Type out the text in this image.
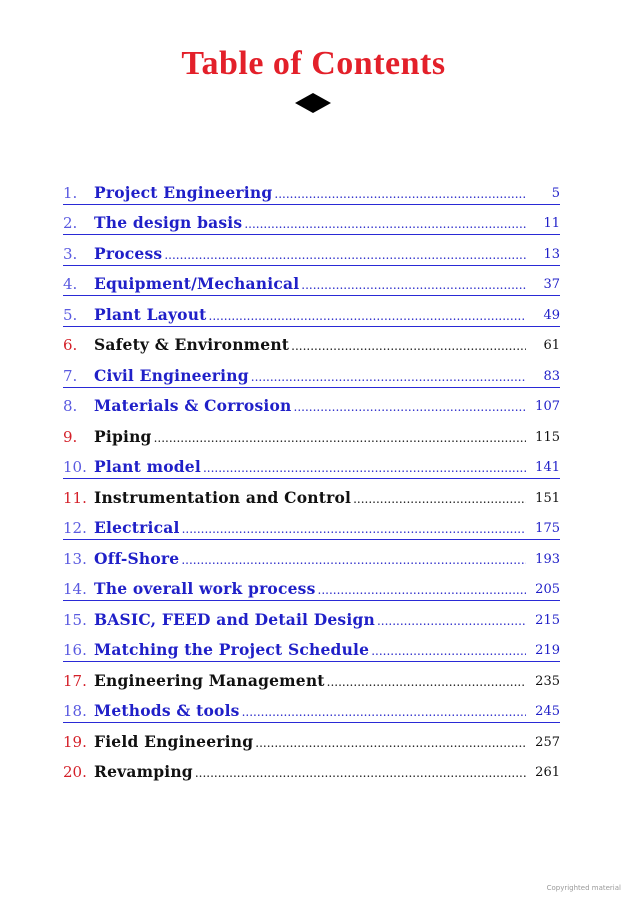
Table of Contents
1.	Project Engineering .....	5
2.	The design basis .....	11
3.	Process .....	13
4.	Equipment/Mechanical .....	37
5.	Plant Layout .....	49
6.	Safety & Environment .....	61
7.	Civil Engineering .....	83
8.	Materials & Corrosion .....	107
9.	Piping .....	115
10. Plant model .....	141
11. Instrumentation and Control .....	151
12. Electrical .....	175
13. Off-Shore .....	193
14. The overall work process .....	205
15. BASIC, FEED and Detail Design .....	215
16. Matching the Project Schedule .....	219
17. Engineering Management .....	235
18. Methods & tools .....	245
19. Field Engineering .....	257
20. Revamping .....	261
Copyrighted material
